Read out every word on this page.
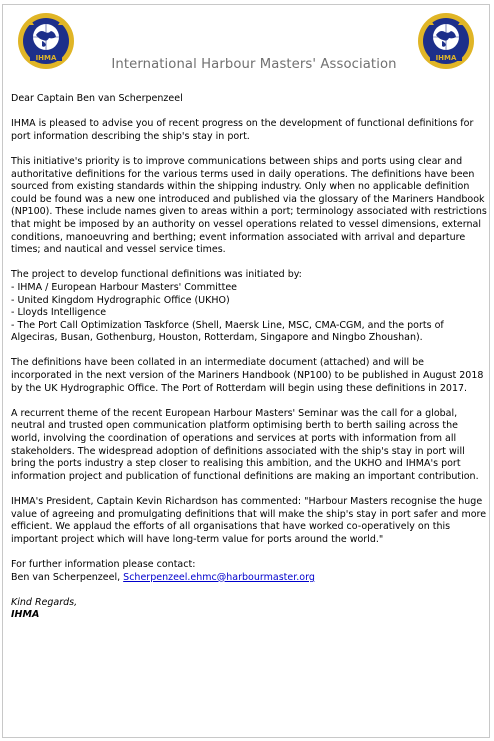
IHMA	IHMA
International Harbour Masters' Association

Dear Captain Ben van Scherpenzeel

IHMA is pleased to advise you of recent progress on the development of functional definitions for port information describing the ship's stay in port.

This initiative's priority is to improve communications between ships and ports using clear and authoritative definitions for the various terms used in daily operations. The definitions have been sourced from existing standards within the shipping industry. Only when no applicable definition could be found was a new one introduced and published via the glossary of the Mariners Handbook (NP100). These include names given to areas within a port; terminology associated with restrictions that might be imposed by an authority on vessel operations related to vessel dimensions, external conditions, manoeuvring and berthing; event information associated with arrival and departure times; and nautical and vessel service times.

The project to develop functional definitions was initiated by:
- IHMA / European Harbour Masters' Committee
- United Kingdom Hydrographic Office (UKHO)
- Lloyds Intelligence
- The Port Call Optimization Taskforce (Shell, Maersk Line, MSC, CMA-CGM, and the ports of Algeciras, Busan, Gothenburg, Houston, Rotterdam, Singapore and Ningbo Zhoushan).

The definitions have been collated in an intermediate document (attached) and will be incorporated in the next version of the Mariners Handbook (NP100) to be published in August 2018 by the UK Hydrographic Office. The Port of Rotterdam will begin using these definitions in 2017.

A recurrent theme of the recent European Harbour Masters' Seminar was the call for a global, neutral and trusted open communication platform optimising berth to berth sailing across the world, involving the coordination of operations and services at ports with information from all stakeholders. The widespread adoption of definitions associated with the ship's stay in port will bring the ports industry a step closer to realising this ambition, and the UKHO and IHMA's port information project and publication of functional definitions are making an important contribution.

IHMA's President, Captain Kevin Richardson has commented: "Harbour Masters recognise the huge value of agreeing and promulgating definitions that will make the ship's stay in port safer and more efficient. We applaud the efforts of all organisations that have worked co-operatively on this important project which will have long-term value for ports around the world."

For further information please contact:
Ben van Scherpenzeel, Scherpenzeel.ehmc@harbourmaster.org

Kind Regards,
IHMA
